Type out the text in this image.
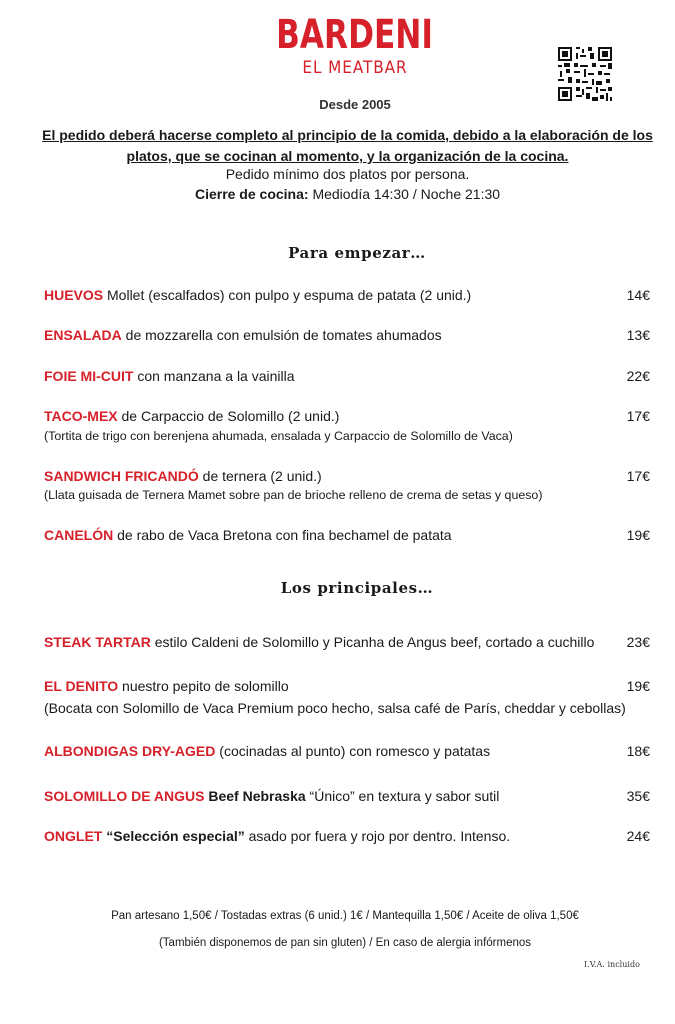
BARDENI
EL MEATBAR
Desde 2005
El pedido deberá hacerse completo al principio de la comida, debido a la elaboración de los
platos, que se cocinan al momento, y la organización de la cocina.
Pedido mínimo dos platos por persona.
Cierre de cocina: Mediodía 14:30 / Noche 21:30
Para empezar…
HUEVOS Mollet (escalfados) con pulpo y espuma de patata (2 unid.)	14€
ENSALADA de mozzarella con emulsión de tomates ahumados	13€
FOIE MI-CUIT con manzana a la vainilla	22€
TACO-MEX de Carpaccio de Solomillo (2 unid.)	17€
(Tortita de trigo con berenjena ahumada, ensalada y Carpaccio de Solomillo de Vaca)
SANDWICH FRICANDÓ de ternera (2 unid.)	17€
(Llata guisada de Ternera Mamet sobre pan de brioche relleno de crema de setas y queso)
CANELÓN de rabo de Vaca Bretona con fina bechamel de patata	19€
Los principales…
STEAK TARTAR estilo Caldeni de Solomillo y Picanha de Angus beef, cortado a cuchillo 23€
EL DENITO nuestro pepito de solomillo	19€
(Bocata con Solomillo de Vaca Premium poco hecho, salsa café de París, cheddar y cebollas)
ALBONDIGAS DRY-AGED (cocinadas al punto) con romesco y patatas	18€
SOLOMILLO DE ANGUS Beef Nebraska “Único” en textura y sabor sutil	35€
ONGLET “Selección especial” asado por fuera y rojo por dentro. Intenso.	24€
Pan artesano 1,50€ / Tostadas extras (6 unid.) 1€ / Mantequilla 1,50€ / Aceite de oliva 1,50€
(También disponemos de pan sin gluten) / En caso de alergia infórmenos
I.V.A. incluido
